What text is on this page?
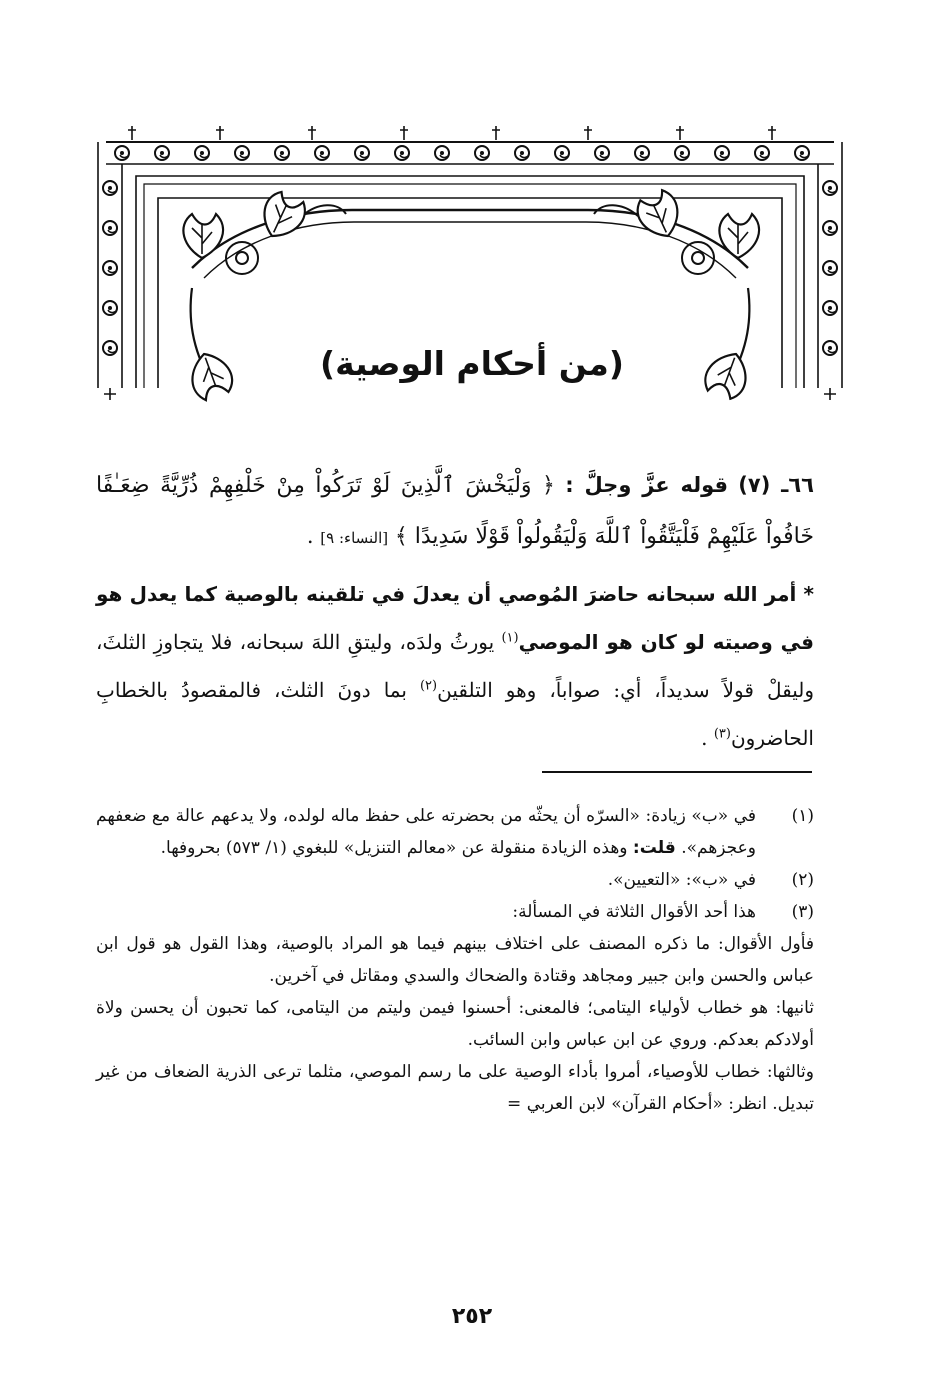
(من أحكام الوصية)
٦٦ـ (٧) قوله عزَّ وجلَّ : ﴿ وَلْيَخْشَ ٱلَّذِينَ لَوْ تَرَكُواْ مِنْ خَلْفِهِمْ ذُرِّيَّةً ضِعَـٰفًا خَافُواْ عَلَيْهِمْ فَلْيَتَّقُواْ ٱللَّهَ وَلْيَقُولُواْ قَوْلًا سَدِيدًا ﴾ [النساء: ٩] .
* أمر الله سبحانه حاضرَ المُوصي أن يعدلَ في تلقينه بالوصية كما يعدل هو في وصيته لو كان هو الموصي$^{(١)}$ يورثُ ولدَه، وليتقِ اللهَ سبحانه، فلا يتجاوزِ الثلثَ، وليقلْ قولاً سديداً، أي: صواباً، وهو التلقين$^{(٢)}$ بما دونَ الثلث، فالمقصودُ بالخطابِ الحاضرون$^{(٣)}$ .
(١)
في «ب» زيادة: «السرّه أن يحثّه من بحضرته على حفظ ماله لولده، ولا يدعهم عالة مع ضعفهم وعجزهم». قلت: وهذه الزيادة منقولة عن «معالم التنزيل» للبغوي (١/ ٥٧٣) بحروفها.
(٢)
في «ب»: «التعيين».
(٣)
هذا أحد الأقوال الثلاثة في المسألة:
فأول الأقوال: ما ذكره المصنف على اختلاف بينهم فيما هو المراد بالوصية، وهذا القول هو قول ابن عباس والحسن وابن جبير ومجاهد وقتادة والضحاك والسدي ومقاتل في آخرين.
ثانيها: هو خطاب لأولياء اليتامى؛ فالمعنى: أحسنوا فيمن وليتم من اليتامى، كما تحبون أن يحسن ولاة أولادكم بعدكم. وروي عن ابن عباس وابن السائب.
وثالثها: خطاب للأوصياء، أمروا بأداء الوصية على ما رسم الموصي، مثلما ترعى الذرية الضعاف من غير تبديل. انظر: «أحكام القرآن» لابن العربي =
٢٥٢
